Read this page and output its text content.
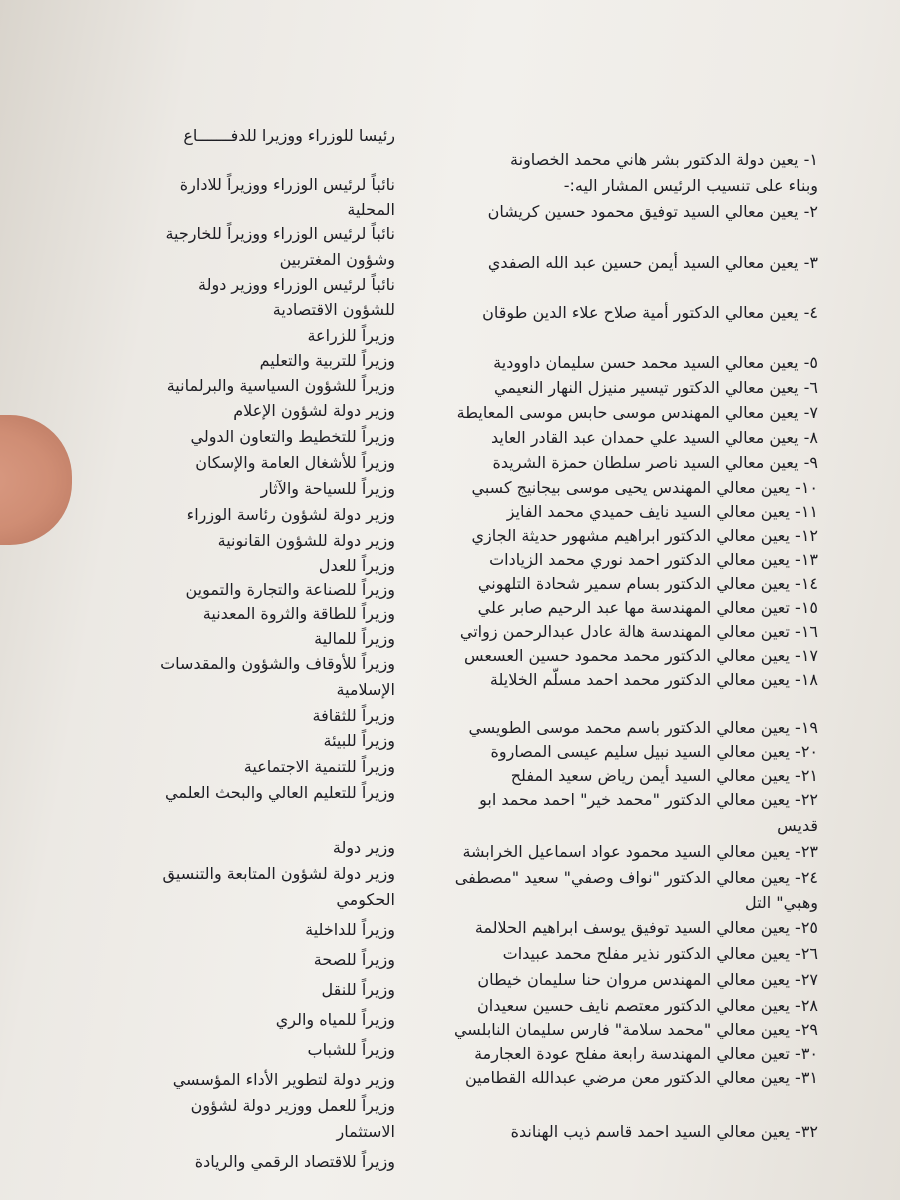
١- يعين دولة الدكتور بشر هاني محمد الخصاونة
وبناء على تنسيب الرئيس المشار اليه:-
٢- يعين معالي السيد توفيق محمود حسين كريشان
٣- يعين معالي السيد أيمن حسين عبد الله الصفدي
٤- يعين معالي الدكتور أمية صلاح علاء الدين طوقان
٥- يعين معالي السيد محمد حسن سليمان داوودية
٦- يعين معالي الدكتور تيسير منيزل النهار النعيمي
٧- يعين معالي المهندس موسى حابس موسى المعايطة
٨- يعين معالي السيد علي حمدان عبد القادر العايد
٩- يعين معالي السيد ناصر سلطان حمزة الشريدة
١٠- يعين معالي المهندس يحيى موسى بيجانيج كسبي
١١- يعين معالي السيد نايف حميدي محمد الفايز
١٢- يعين معالي الدكتور ابراهيم مشهور حديثة الجازي
١٣- يعين معالي الدكتور احمد نوري محمد الزيادات
١٤- يعين معالي الدكتور بسام سمير شحادة التلهوني
١٥- تعين معالي المهندسة مها عبد الرحيم صابر علي
١٦- تعين معالي المهندسة هالة عادل عبدالرحمن زواتي
١٧- يعين معالي الدكتور محمد محمود حسين العسعس
١٨- يعين معالي الدكتور محمد احمد مسلّم الخلايلة
١٩- يعين معالي الدكتور باسم محمد موسى الطويسي
٢٠- يعين معالي السيد نبيل سليم عيسى المصاروة
٢١- يعين معالي السيد أيمن رياض سعيد المفلح
٢٢- يعين معالي الدكتور "محمد خير" احمد محمد ابو
قديس
٢٣- يعين معالي السيد محمود عواد اسماعيل الخرابشة
٢٤- يعين معالي الدكتور "نواف وصفي" سعيد "مصطفى
وهبي" التل
٢٥- يعين معالي السيد توفيق يوسف ابراهيم الحلالمة
٢٦- يعين معالي الدكتور نذير مفلح محمد عبيدات
٢٧- يعين معالي المهندس مروان حنا سليمان خيطان
٢٨- يعين معالي الدكتور معتصم نايف حسين سعيدان
٢٩- يعين معالي "محمد سلامة" فارس سليمان النابلسي
٣٠- تعين معالي المهندسة رابعة مفلح عودة العجارمة
٣١- يعين معالي الدكتور معن مرضي عبدالله القطامين
٣٢- يعين معالي السيد احمد قاسم ذيب الهناندة
رئيسا للوزراء ووزيرا للدفـــــــاع
نائباً لرئيس الوزراء ووزيراً للادارة
المحلية
نائباً لرئيس الوزراء ووزيراً للخارجية
وشؤون المغتربين
نائباً لرئيس الوزراء ووزير دولة
للشؤون الاقتصادية
وزيراً للزراعة
وزيراً للتربية والتعليم
وزيراً للشؤون السياسية والبرلمانية
وزير دولة لشؤون الإعلام
وزيراً للتخطيط والتعاون الدولي
وزيراً للأشغال العامة والإسكان
وزيراً للسياحة والآثار
وزير دولة لشؤون رئاسة الوزراء
وزير دولة للشؤون القانونية
وزيراً للعدل
وزيراً للصناعة والتجارة والتموين
وزيراً للطاقة والثروة المعدنية
وزيراً للمالية
وزيراً للأوقاف والشؤون والمقدسات
الإسلامية
وزيراً للثقافة
وزيراً للبيئة
وزيراً للتنمية الاجتماعية
وزيراً للتعليم العالي والبحث العلمي
وزير دولة
وزير دولة لشؤون المتابعة والتنسيق
الحكومي
وزيراً للداخلية
وزيراً للصحة
وزيراً للنقل
وزيراً للمياه والري
وزيراً للشباب
وزير دولة لتطوير الأداء المؤسسي
وزيراً للعمل ووزير دولة لشؤون
الاستثمار
وزيراً للاقتصاد الرقمي والريادة
